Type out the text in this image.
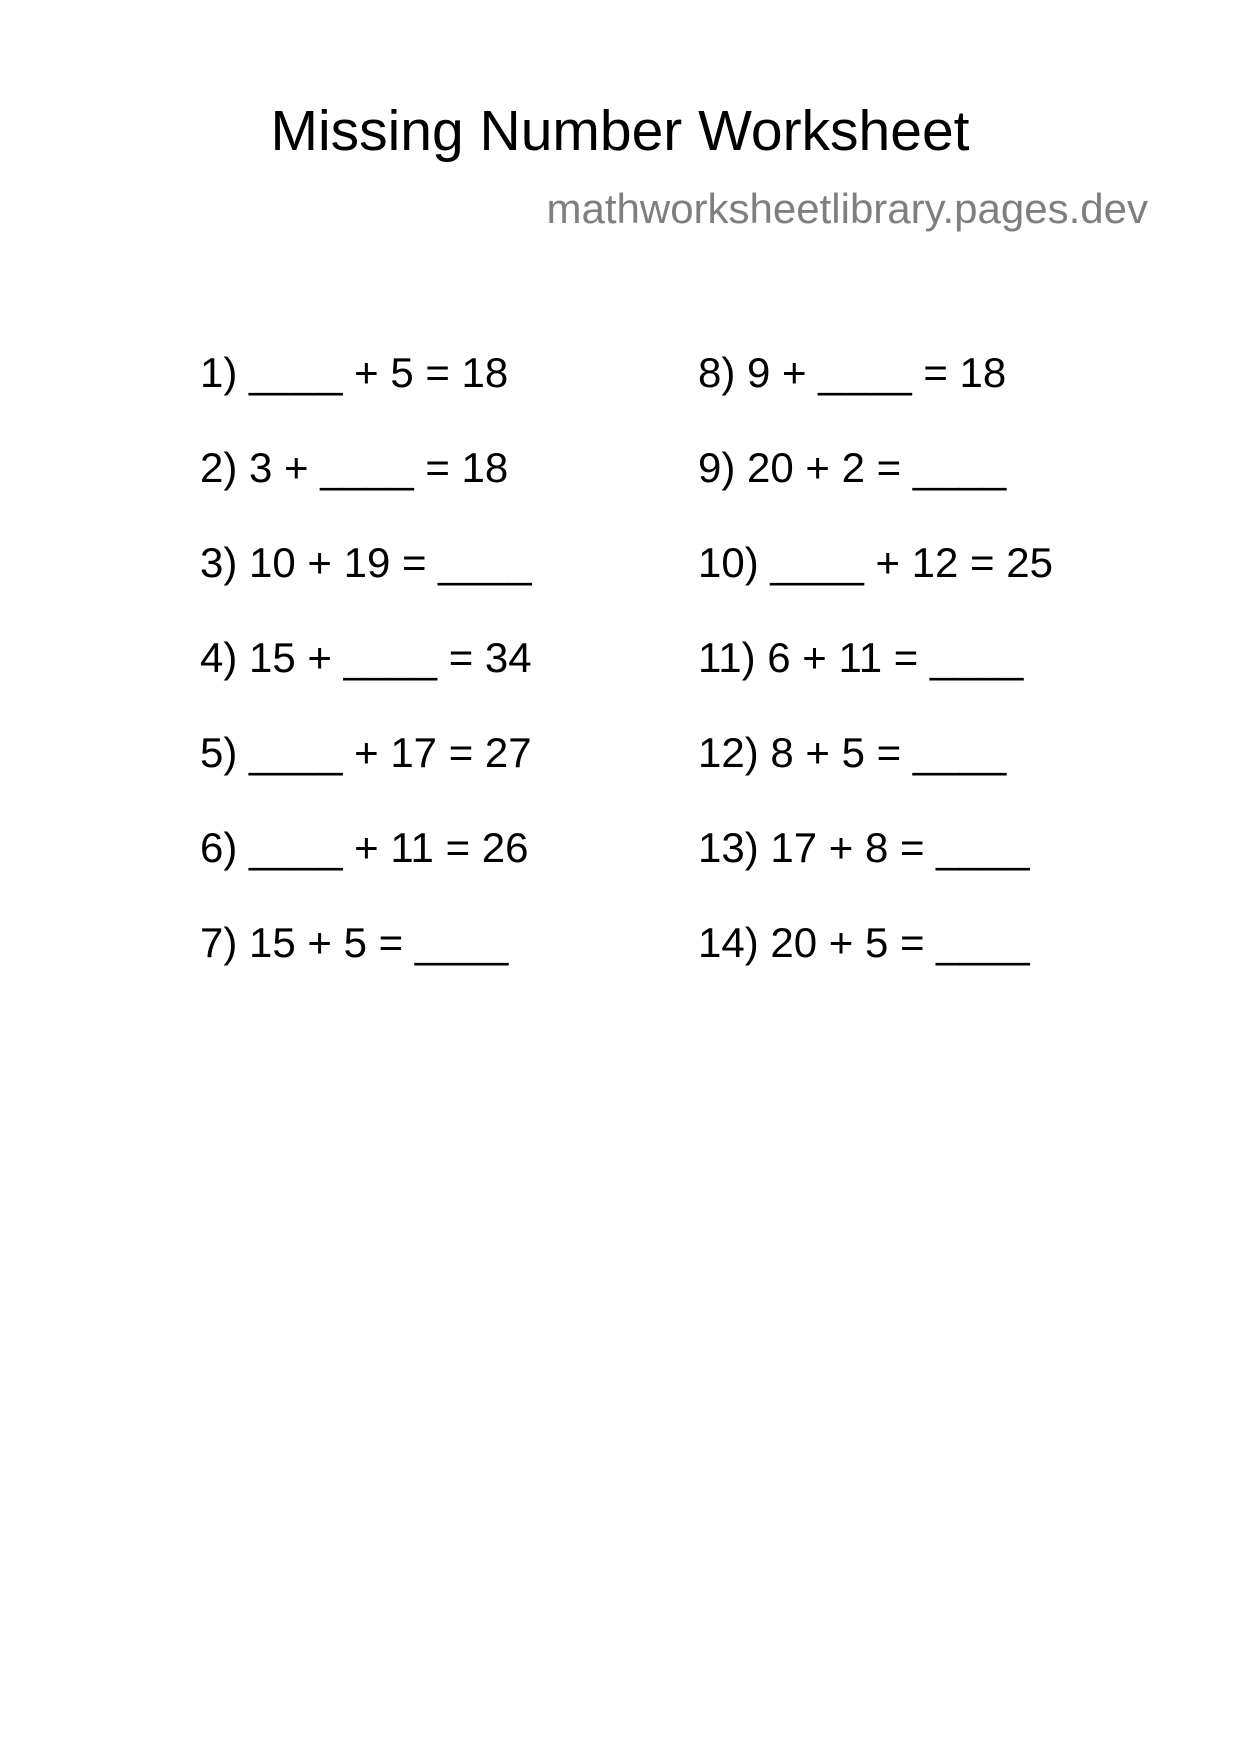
Missing Number Worksheet
mathworksheetlibrary.pages.dev
1) ____ + 5 = 18
2) 3 + ____ = 18
3) 10 + 19 = ____
4) 15 + ____ = 34
5) ____ + 17 = 27
6) ____ + 11 = 26
7) 15 + 5 = ____
8) 9 + ____ = 18
9) 20 + 2 = ____
10) ____ + 12 = 25
11) 6 + 11 = ____
12) 8 + 5 = ____
13) 17 + 8 = ____
14) 20 + 5 = ____
